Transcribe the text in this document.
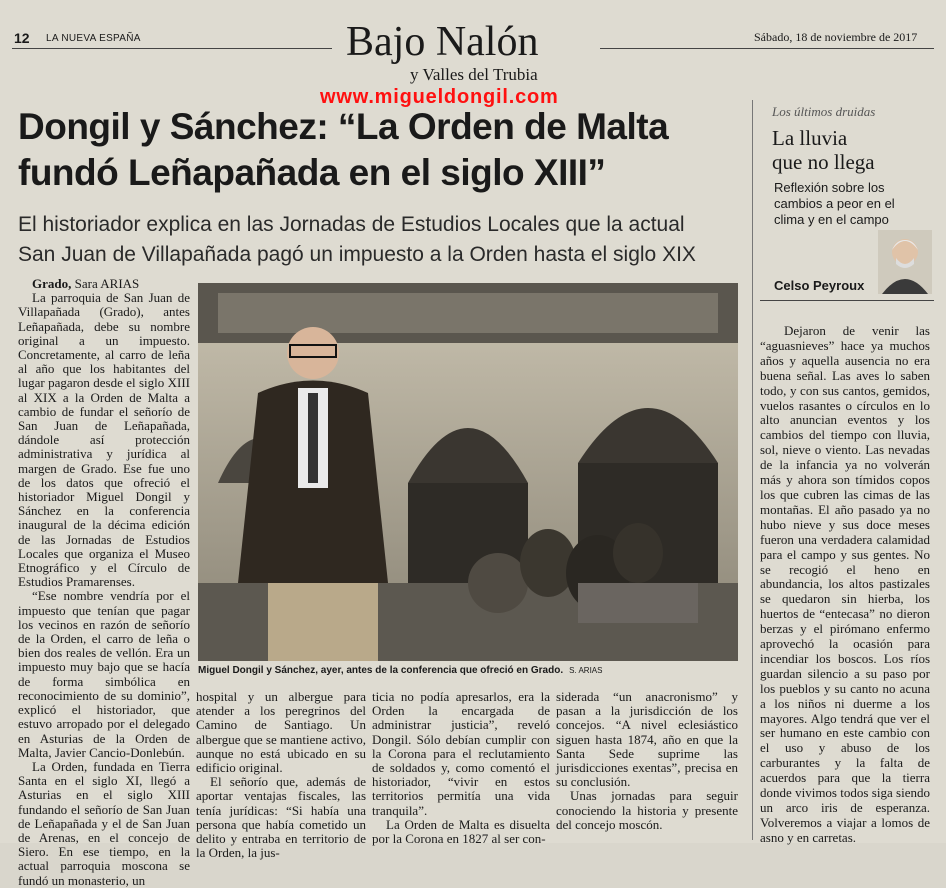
12 LA NUEVA ESPAÑA	Bajo Nalón
y Valles del Trubia
Sábado, 18 de noviembre de 2017
www.migueldongil.com
Dongil y Sánchez: “La Orden de Malta
fundó Leñapañada en el siglo XIII”
El historiador explica en las Jornadas de Estudios Locales que la actual
San Juan de Villapañada pagó un impuesto a la Orden hasta el siglo XIX

Grado, Sara ARIAS

La parroquia de San Juan de Villapañada (Grado), antes Leñapañada, debe su nombre original a un impuesto. Concretamente, al carro de leña al año que los habitantes del lugar pagaron desde el siglo XIII al XIX a la Orden de Malta a cambio de fundar el señorío de San Juan de Leñapañada, dándole así protección administrativa y jurídica al margen de Grado. Ese fue uno de los datos que ofreció el historiador Miguel Dongil y Sánchez en la conferencia inaugural de la décima edición de las Jornadas de Estudios Locales que organiza el Museo Etnográfico y el Círculo de Estudios Pramarenses.

“Ese nombre vendría por el impuesto que tenían que pagar los vecinos en razón de señorío de la Orden, el carro de leña o bien dos reales de vellón. Era un impuesto muy bajo que se hacía de forma simbólica en reconocimiento de su dominio”, explicó el historiador, que estuvo arropado por el delegado en Asturias de la Orden de Malta, Javier Cancio-Donlebún.

La Orden, fundada en Tierra Santa en el siglo XI, llegó a Asturias en el siglo XIII fundando el señorío de San Juan de Leñapañada y el de San Juan de Arenas, en el concejo de Siero. En ese tiempo, en la actual parroquia moscona se fundó un monasterio, un

Miguel Dongil y Sánchez, ayer, antes de la conferencia que ofreció en Grado. S. ARIAS

hospital y un albergue para atender a los peregrinos del Camino de Santiago. Un albergue que se mantiene activo, aunque no está ubicado en su edificio original.

El señorío que, además de aportar ventajas fiscales, las tenía jurídicas: “Si había una persona que había cometido un delito y entraba en territorio de la Orden, la jus-

ticia no podía apresarlos, era la Orden la encargada de administrar justicia”, reveló Dongil. Sólo debían cumplir con la Corona para el reclutamiento de soldados y, como comentó el historiador, “vivir en estos territorios permitía una vida tranquila”.

La Orden de Malta es disuelta por la Corona en 1827 al ser con-

siderada “un anacronismo” y pasan a la jurisdicción de los concejos. “A nivel eclesiástico siguen hasta 1874, año en que la Santa Sede suprime las jurisdicciones exentas”, precisa en su conclusión.

Unas jornadas para seguir conociendo la historia y presente del concejo moscón.

Los últimos druidas
La lluvia
que no llega
Reflexión sobre los cambios a peor en el clima y en el campo
Celso Peyroux

Dejaron de venir las “aguasnieves” hace ya muchos años y aquella ausencia no era buena señal. Las aves lo saben todo, y con sus cantos, gemidos, vuelos rasantes o círculos en lo alto anuncian eventos y los cambios del tiempo con lluvia, sol, nieve o viento. Las nevadas de la infancia ya no volverán más y ahora son tímidos copos los que cubren las cimas de las montañas. El año pasado ya no hubo nieve y sus doce meses fueron una verdadera calamidad para el campo y sus gentes. No se recogió el heno en abundancia, los altos pastizales se quedaron sin hierba, los huertos de “entecasa” no dieron berzas y el pirómano enfermo aprovechó la ocasión para incendiar los boscos. Los ríos guardan silencio a su paso por los pueblos y su canto no acuna a los niños ni duerme a los mayores. Algo tendrá que ver el ser humano en este cambio con el uso y abuso de los carburantes y la falta de acuerdos para que la tierra donde vivimos todos siga siendo un arco iris de esperanza. Volveremos a viajar a lomos de asno y en carretas.
